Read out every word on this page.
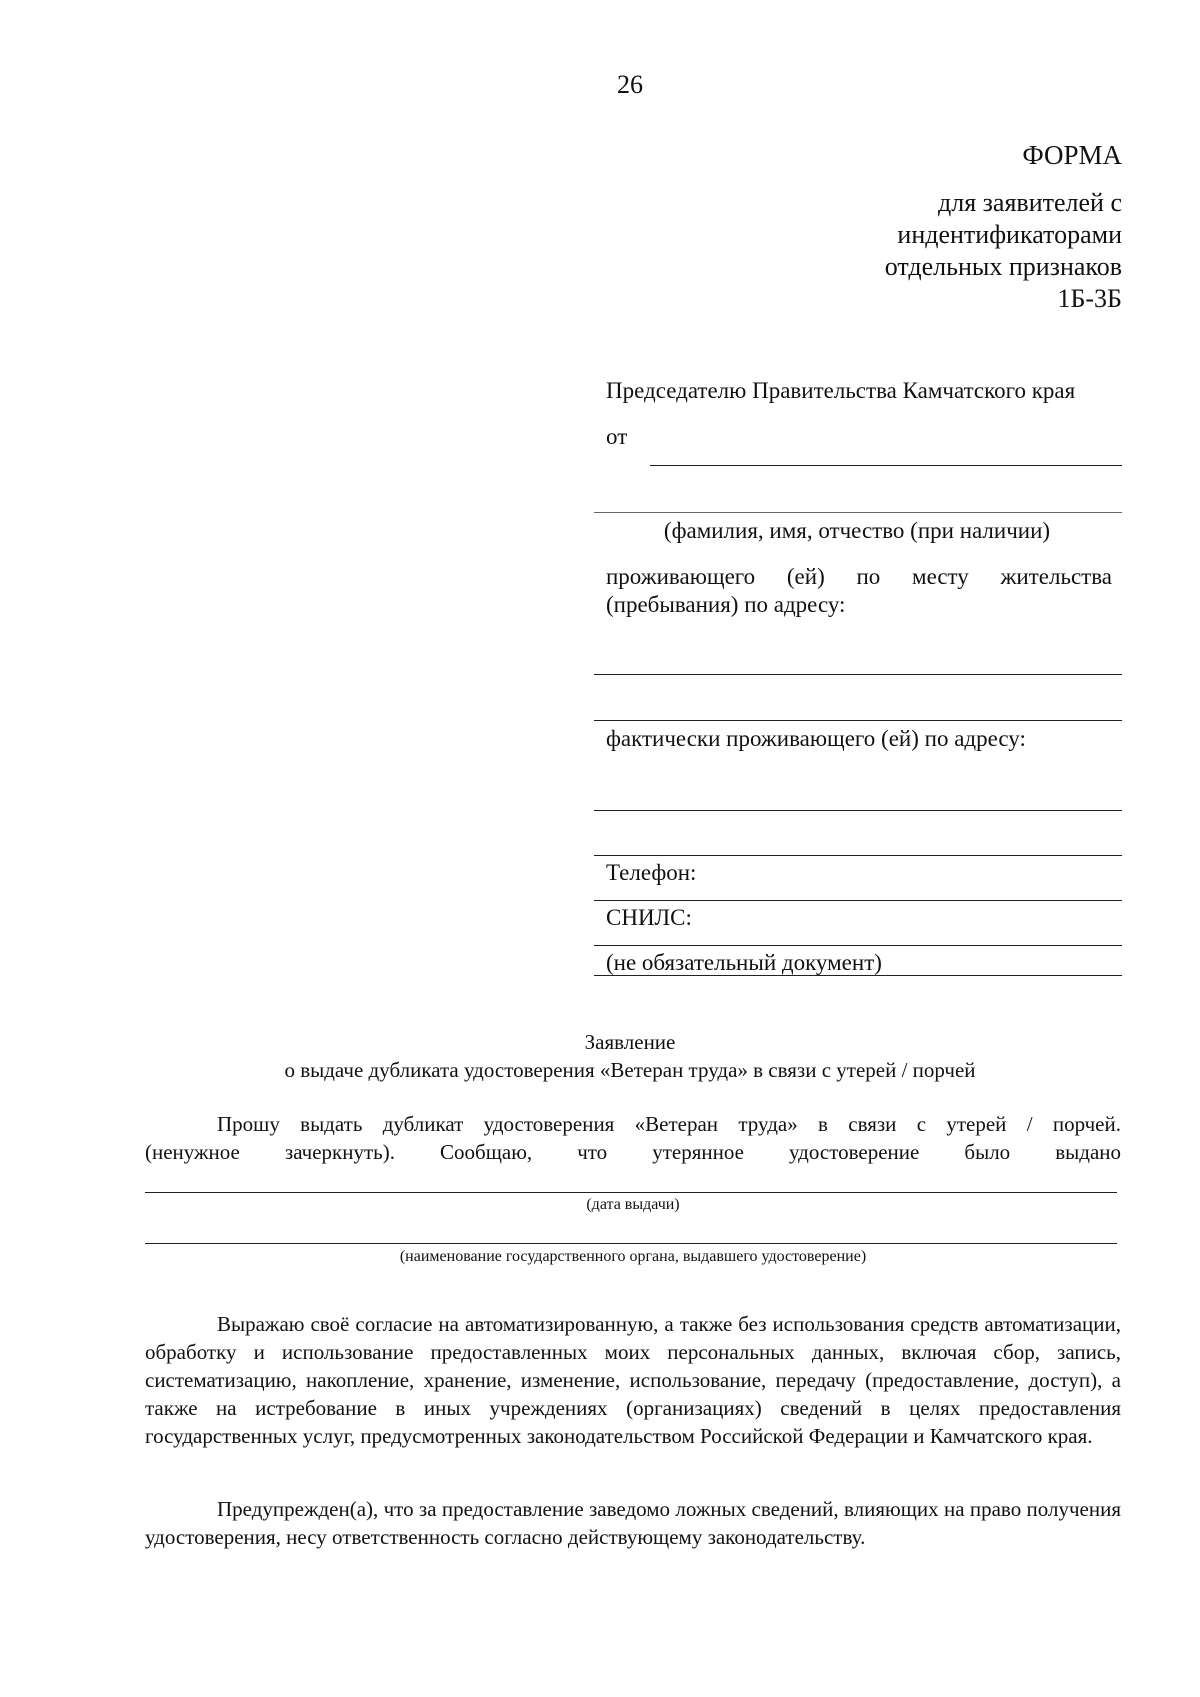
26
ФОРМА
для заявителей с
индентификаторами
отдельных признаков
1Б-3Б
Председателю Правительства Камчатского края
от
(фамилия, имя, отчество (при наличии)
проживающего (ей) по месту жительства
(пребывания) по адресу:
фактически проживающего (ей) по адресу:
Телефон:
СНИЛС:
(не обязательный документ)
Заявление
о выдаче дубликата удостоверения «Ветеран труда» в связи с утерей / порчей

Прошу выдать дубликат удостоверения «Ветеран труда» в связи с утерей / порчей.

(ненужное зачеркнуть). Сообщаю, что утерянное удостоверение было выдано

(дата выдачи)
(наименование государственного органа, выдавшего удостоверение)

Выражаю своё согласие на автоматизированную, а также без использования средств автоматизации, обработку и использование предоставленных моих персональных данных, включая сбор, запись, систематизацию, накопление, хранение, изменение, использование, передачу (предоставление, доступ), а также на истребование в иных учреждениях (организациях) сведений в целях предоставления государственных услуг, предусмотренных законодательством Российской Федерации и Камчатского края.

Предупрежден(а), что за предоставление заведомо ложных сведений, влияющих на право получения удостоверения, несу ответственность согласно действующему законодательству.
